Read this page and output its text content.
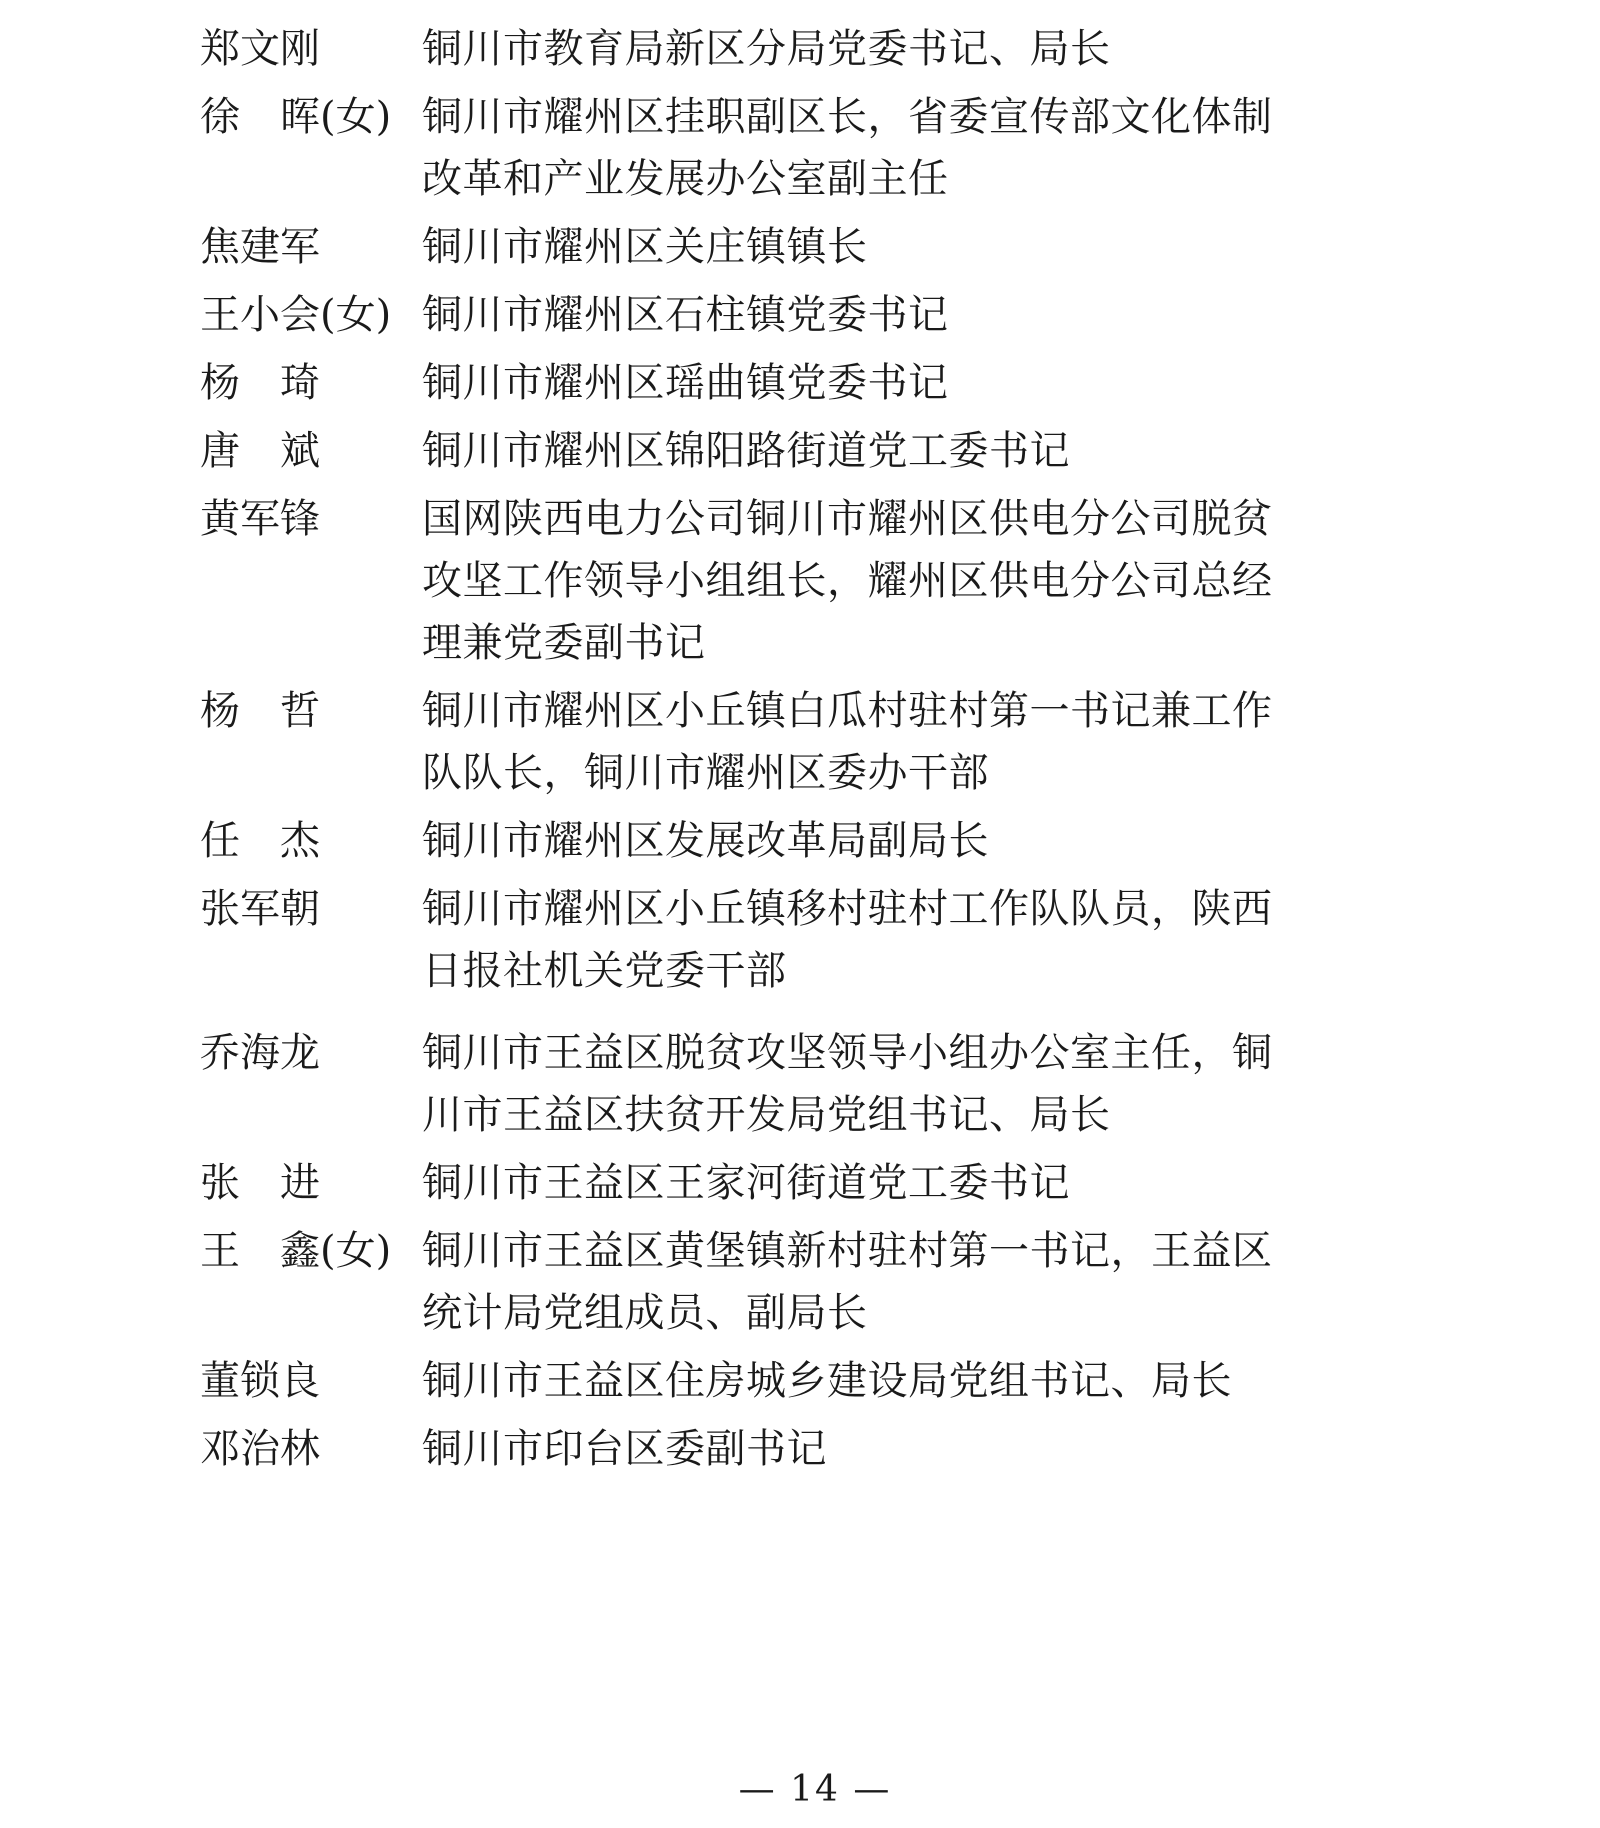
郑文刚	铜川市教育局新区分局党委书记、局长
徐　晖(女) 铜川市耀州区挂职副区长，省委宣传部文化体制
改革和产业发展办公室副主任
焦建军	铜川市耀州区关庄镇镇长
王小会(女) 铜川市耀州区石柱镇党委书记
杨　琦	铜川市耀州区瑶曲镇党委书记
唐　斌	铜川市耀州区锦阳路街道党工委书记
黄军锋	国网陕西电力公司铜川市耀州区供电分公司脱贫
攻坚工作领导小组组长，耀州区供电分公司总经
理兼党委副书记
杨　哲	铜川市耀州区小丘镇白瓜村驻村第一书记兼工作
队队长，铜川市耀州区委办干部
任　杰	铜川市耀州区发展改革局副局长
张军朝	铜川市耀州区小丘镇移村驻村工作队队员，陕西
日报社机关党委干部
乔海龙	铜川市王益区脱贫攻坚领导小组办公室主任，铜
川市王益区扶贫开发局党组书记、局长
张　进	铜川市王益区王家河街道党工委书记
王　鑫(女) 铜川市王益区黄堡镇新村驻村第一书记，王益区
统计局党组成员、副局长
董锁良	铜川市王益区住房城乡建设局党组书记、局长
邓治林	铜川市印台区委副书记
— 14 —
